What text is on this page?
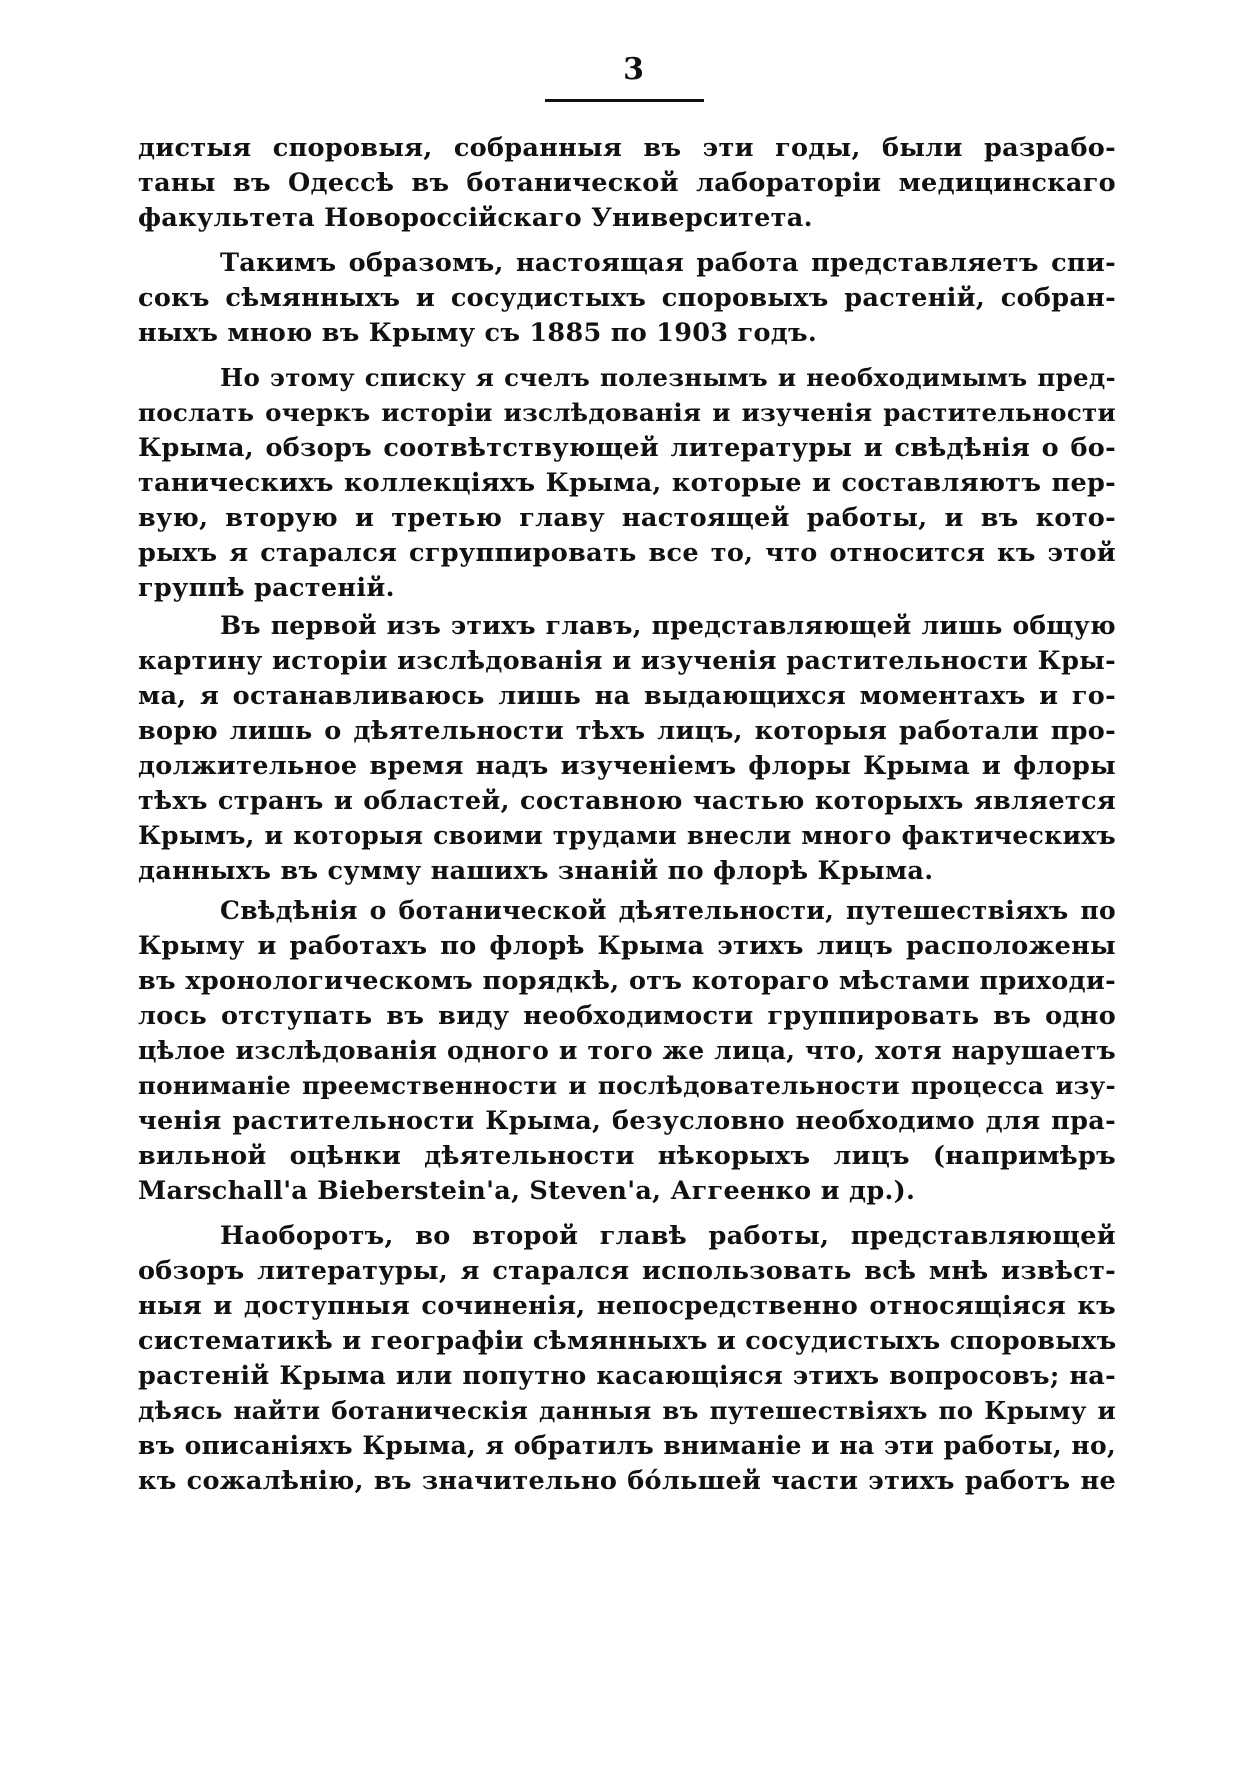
3
дистыя споровыя, собранныя въ эти годы, были разрабо-
таны въ Одессѣ въ ботанической лабораторіи медицинскаго
факультета Новороссійскаго Университета.
Такимъ образомъ, настоящая работа представляетъ спи-
сокъ сѣмянныхъ и сосудистыхъ споровыхъ растеній, собран-
ныхъ мною въ Крыму съ 1885 по 1903 годъ.
Но этому списку я счелъ полезнымъ и необходимымъ пред-
послать очеркъ исторіи изслѣдованія и изученія растительности
Крыма, обзоръ соотвѣтствующей литературы и свѣдѣнія о бо-
таническихъ коллекціяхъ Крыма, которые и составляютъ пер-
вую, вторую и третью главу настоящей работы, и въ кото-
рыхъ я старался сгруппировать все то, что относится къ этой
группѣ растеній.
Въ первой изъ этихъ главъ, представляющей лишь общую
картину исторіи изслѣдованія и изученія растительности Кры-
ма, я останавливаюсь лишь на выдающихся моментахъ и го-
ворю лишь о дѣятельности тѣхъ лицъ, которыя работали про-
должительное время надъ изученіемъ флоры Крыма и флоры
тѣхъ странъ и областей, составною частью которыхъ является
Крымъ, и которыя своими трудами внесли много фактическихъ
данныхъ въ сумму нашихъ знаній по флорѣ Крыма.
Свѣдѣнія о ботанической дѣятельности, путешествіяхъ по
Крыму и работахъ по флорѣ Крыма этихъ лицъ расположены
въ хронологическомъ порядкѣ, отъ котораго мѣстами приходи-
лось отступать въ виду необходимости группировать въ одно
цѣлое изслѣдованія одного и того же лица, что, хотя нарушаетъ
пониманіе преемственности и послѣдовательности процесса изу-
ченія растительности Крыма, безусловно необходимо для пра-
вильной оцѣнки дѣятельности нѣкорыхъ лицъ (напримѣръ
Marschall'a Bieberstein'a, Steven'a, Аггеенко и др.).
Наоборотъ, во второй главѣ работы, представляющей
обзоръ литературы, я старался использовать всѣ мнѣ извѣст-
ныя и доступныя сочиненія, непосредственно относящіяся къ
систематикѣ и географіи сѣмянныхъ и сосудистыхъ споровыхъ
растеній Крыма или попутно касающіяся этихъ вопросовъ; на-
дѣясь найти ботаническія данныя въ путешествіяхъ по Крыму и
въ описаніяхъ Крыма, я обратилъ вниманіе и на эти работы, но,
къ сожалѣнію, въ значительно бо́льшей части этихъ работъ не
